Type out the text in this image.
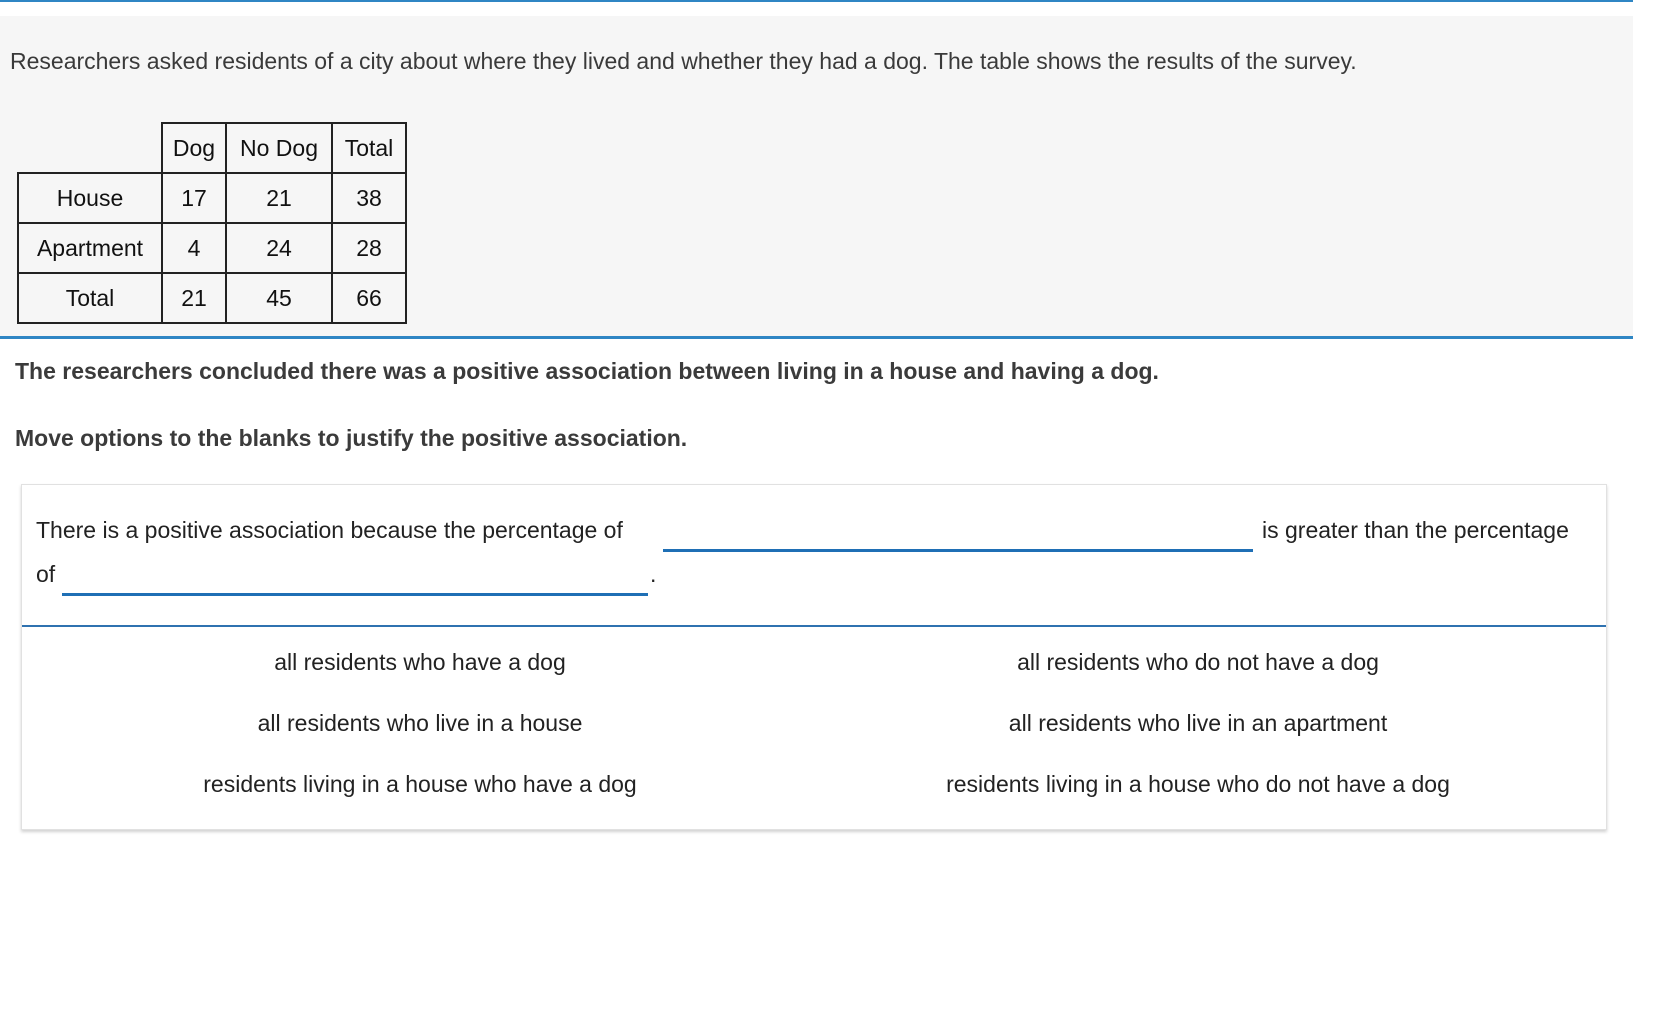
Researchers asked residents of a city about where they lived and whether they had a dog. The table shows the results of the survey.
	Dog	No Dog	Total
House	17	21	38
Apartment	4	24	28
Total	21	45	66
The researchers concluded there was a positive association between living in a house and having a dog.
Move options to the blanks to justify the positive association.
There is a positive association because the percentage of	is greater than the percentage
of	.
all residents who have a dog	all residents who do not have a dog
all residents who live in a house	all residents who live in an apartment
residents living in a house who have a dog	residents living in a house who do not have a dog
